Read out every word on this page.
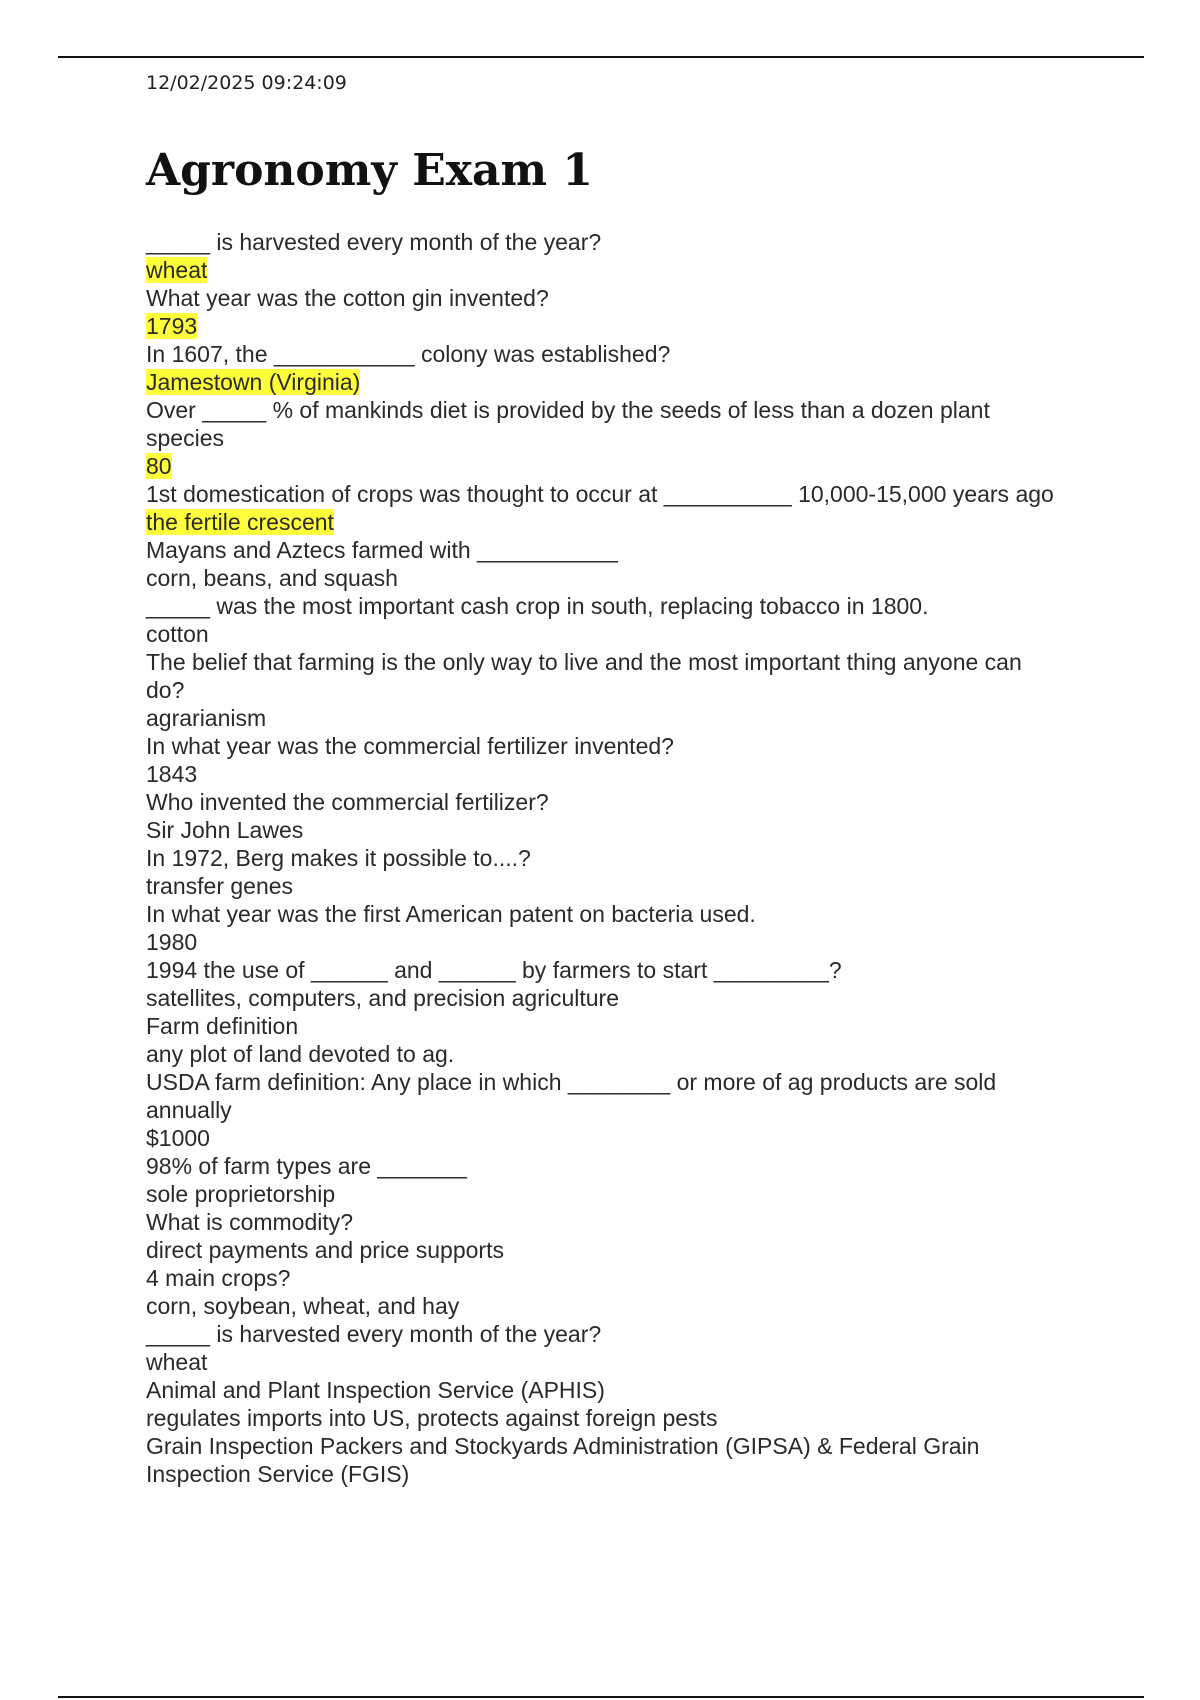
12/02/2025 09:24:09
Agronomy Exam 1
_____ is harvested every month of the year?
wheat
What year was the cotton gin invented?
1793
In 1607, the ___________ colony was established?
Jamestown (Virginia)
Over _____ % of mankinds diet is provided by the seeds of less than a dozen plant species
80
1st domestication of crops was thought to occur at __________ 10,000-15,000 years ago
the fertile crescent
Mayans and Aztecs farmed with ___________
corn, beans, and squash
_____ was the most important cash crop in south, replacing tobacco in 1800.
cotton
The belief that farming is the only way to live and the most important thing anyone can do?
agrarianism
In what year was the commercial fertilizer invented?
1843
Who invented the commercial fertilizer?
Sir John Lawes
In 1972, Berg makes it possible to....?
transfer genes
In what year was the first American patent on bacteria used.
1980
1994 the use of ______ and ______ by farmers to start _________?
satellites, computers, and precision agriculture
Farm definition
any plot of land devoted to ag.
USDA farm definition: Any place in which ________ or more of ag products are sold annually
$1000
98% of farm types are _______
sole proprietorship
What is commodity?
direct payments and price supports
4 main crops?
corn, soybean, wheat, and hay
_____ is harvested every month of the year?
wheat
Animal and Plant Inspection Service (APHIS)
regulates imports into US, protects against foreign pests
Grain Inspection Packers and Stockyards Administration (GIPSA) & Federal Grain Inspection Service (FGIS)
